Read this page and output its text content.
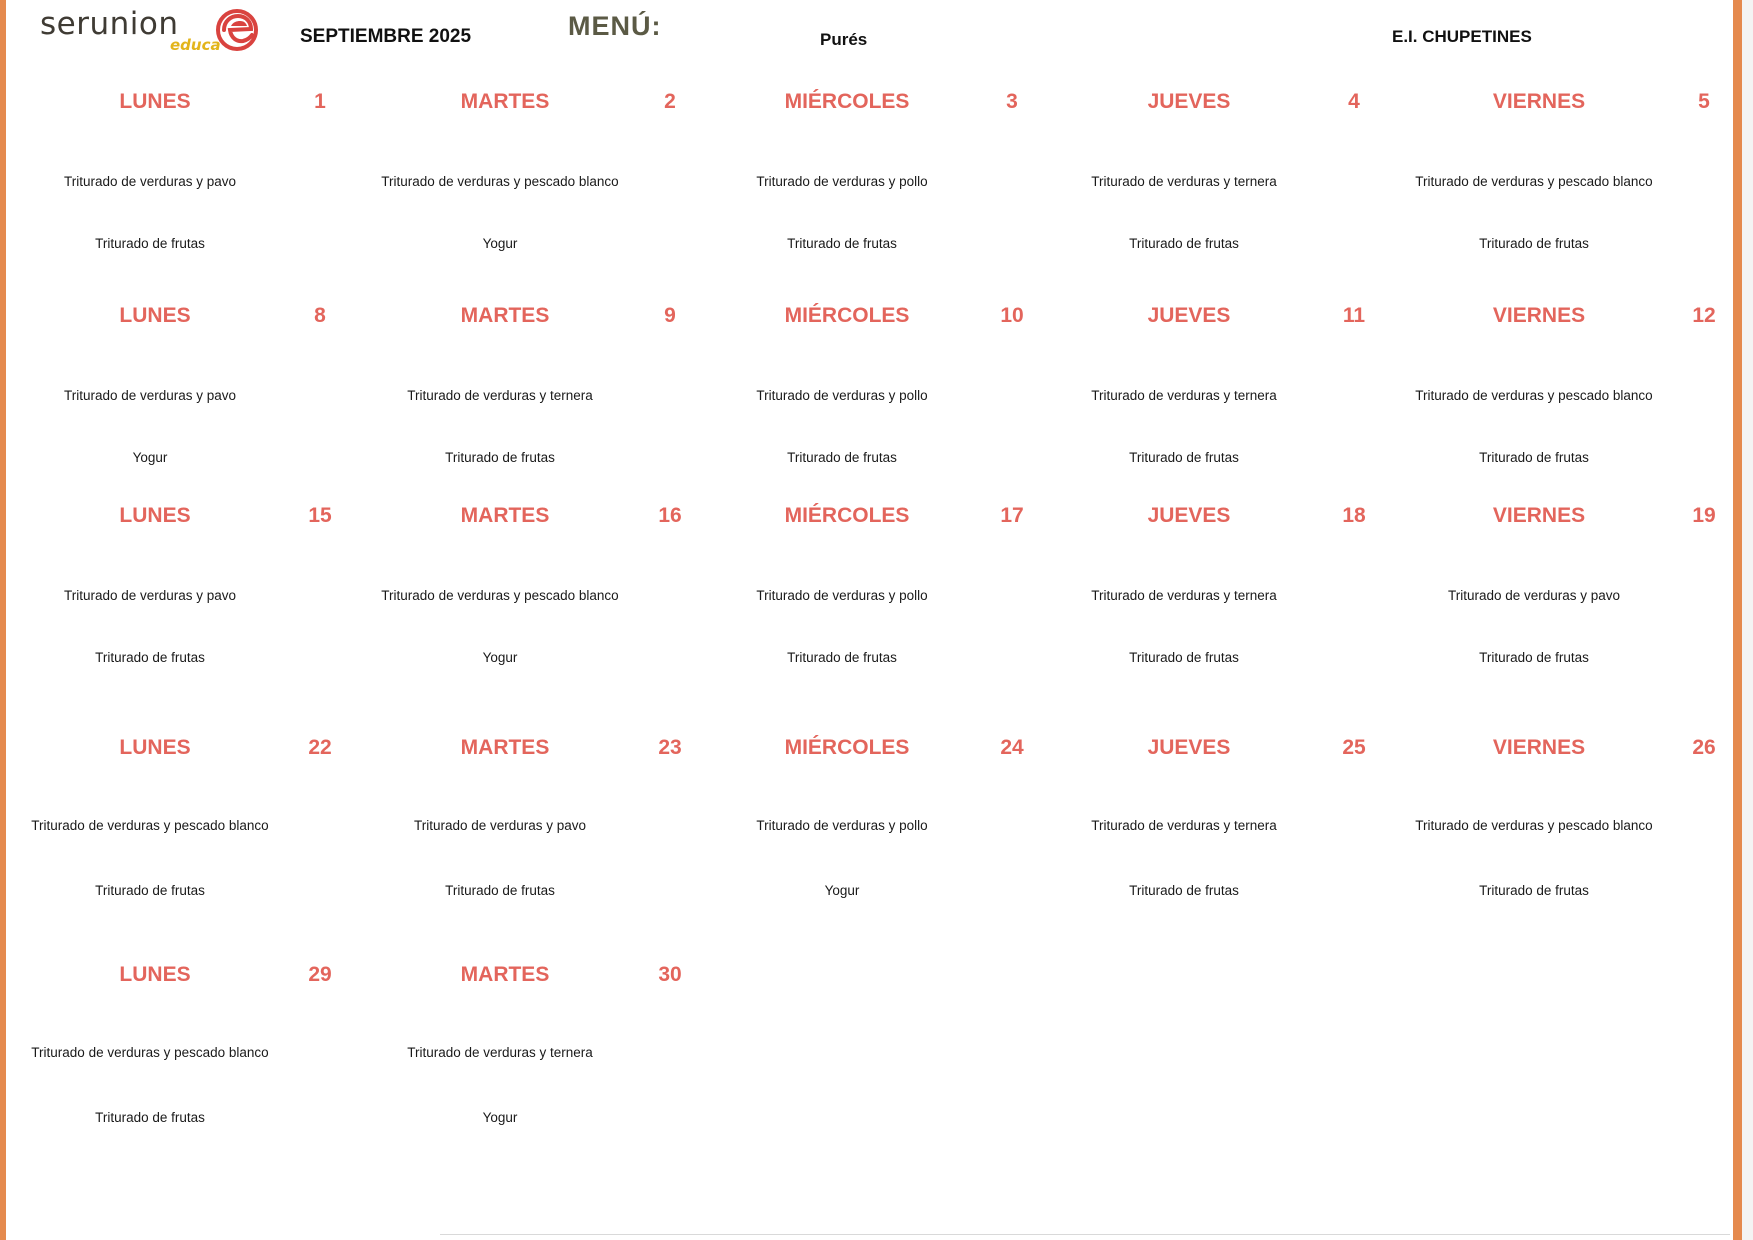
serunion
educa	SEPTIEMBRE 2025	MENÚ:	Purés	E.I. CHUPETINES
LUNES	1
Triturado de verduras y pavo
Triturado de frutas
MARTES	2
Triturado de verduras y pescado blanco
Yogur
MIÉRCOLES	3
Triturado de verduras y pollo
Triturado de frutas
JUEVES	4
Triturado de verduras y ternera
Triturado de frutas
VIERNES	5
Triturado de verduras y pescado blanco
Triturado de frutas
LUNES	8
Triturado de verduras y pavo
Yogur
MARTES	9
Triturado de verduras y ternera
Triturado de frutas
MIÉRCOLES	10
Triturado de verduras y pollo
Triturado de frutas
JUEVES	11
Triturado de verduras y ternera
Triturado de frutas
VIERNES	12
Triturado de verduras y pescado blanco
Triturado de frutas
LUNES	15
Triturado de verduras y pavo
Triturado de frutas
MARTES	16
Triturado de verduras y pescado blanco
Yogur
MIÉRCOLES	17
Triturado de verduras y pollo
Triturado de frutas
JUEVES	18
Triturado de verduras y ternera
Triturado de frutas
VIERNES	19
Triturado de verduras y pavo
Triturado de frutas
LUNES	22
Triturado de verduras y pescado blanco
Triturado de frutas
MARTES	23
Triturado de verduras y pavo
Triturado de frutas
MIÉRCOLES	24
Triturado de verduras y pollo
Yogur
JUEVES	25
Triturado de verduras y ternera
Triturado de frutas
VIERNES	26
Triturado de verduras y pescado blanco
Triturado de frutas
LUNES	29
Triturado de verduras y pescado blanco
Triturado de frutas
MARTES	30
Triturado de verduras y ternera
Yogur
